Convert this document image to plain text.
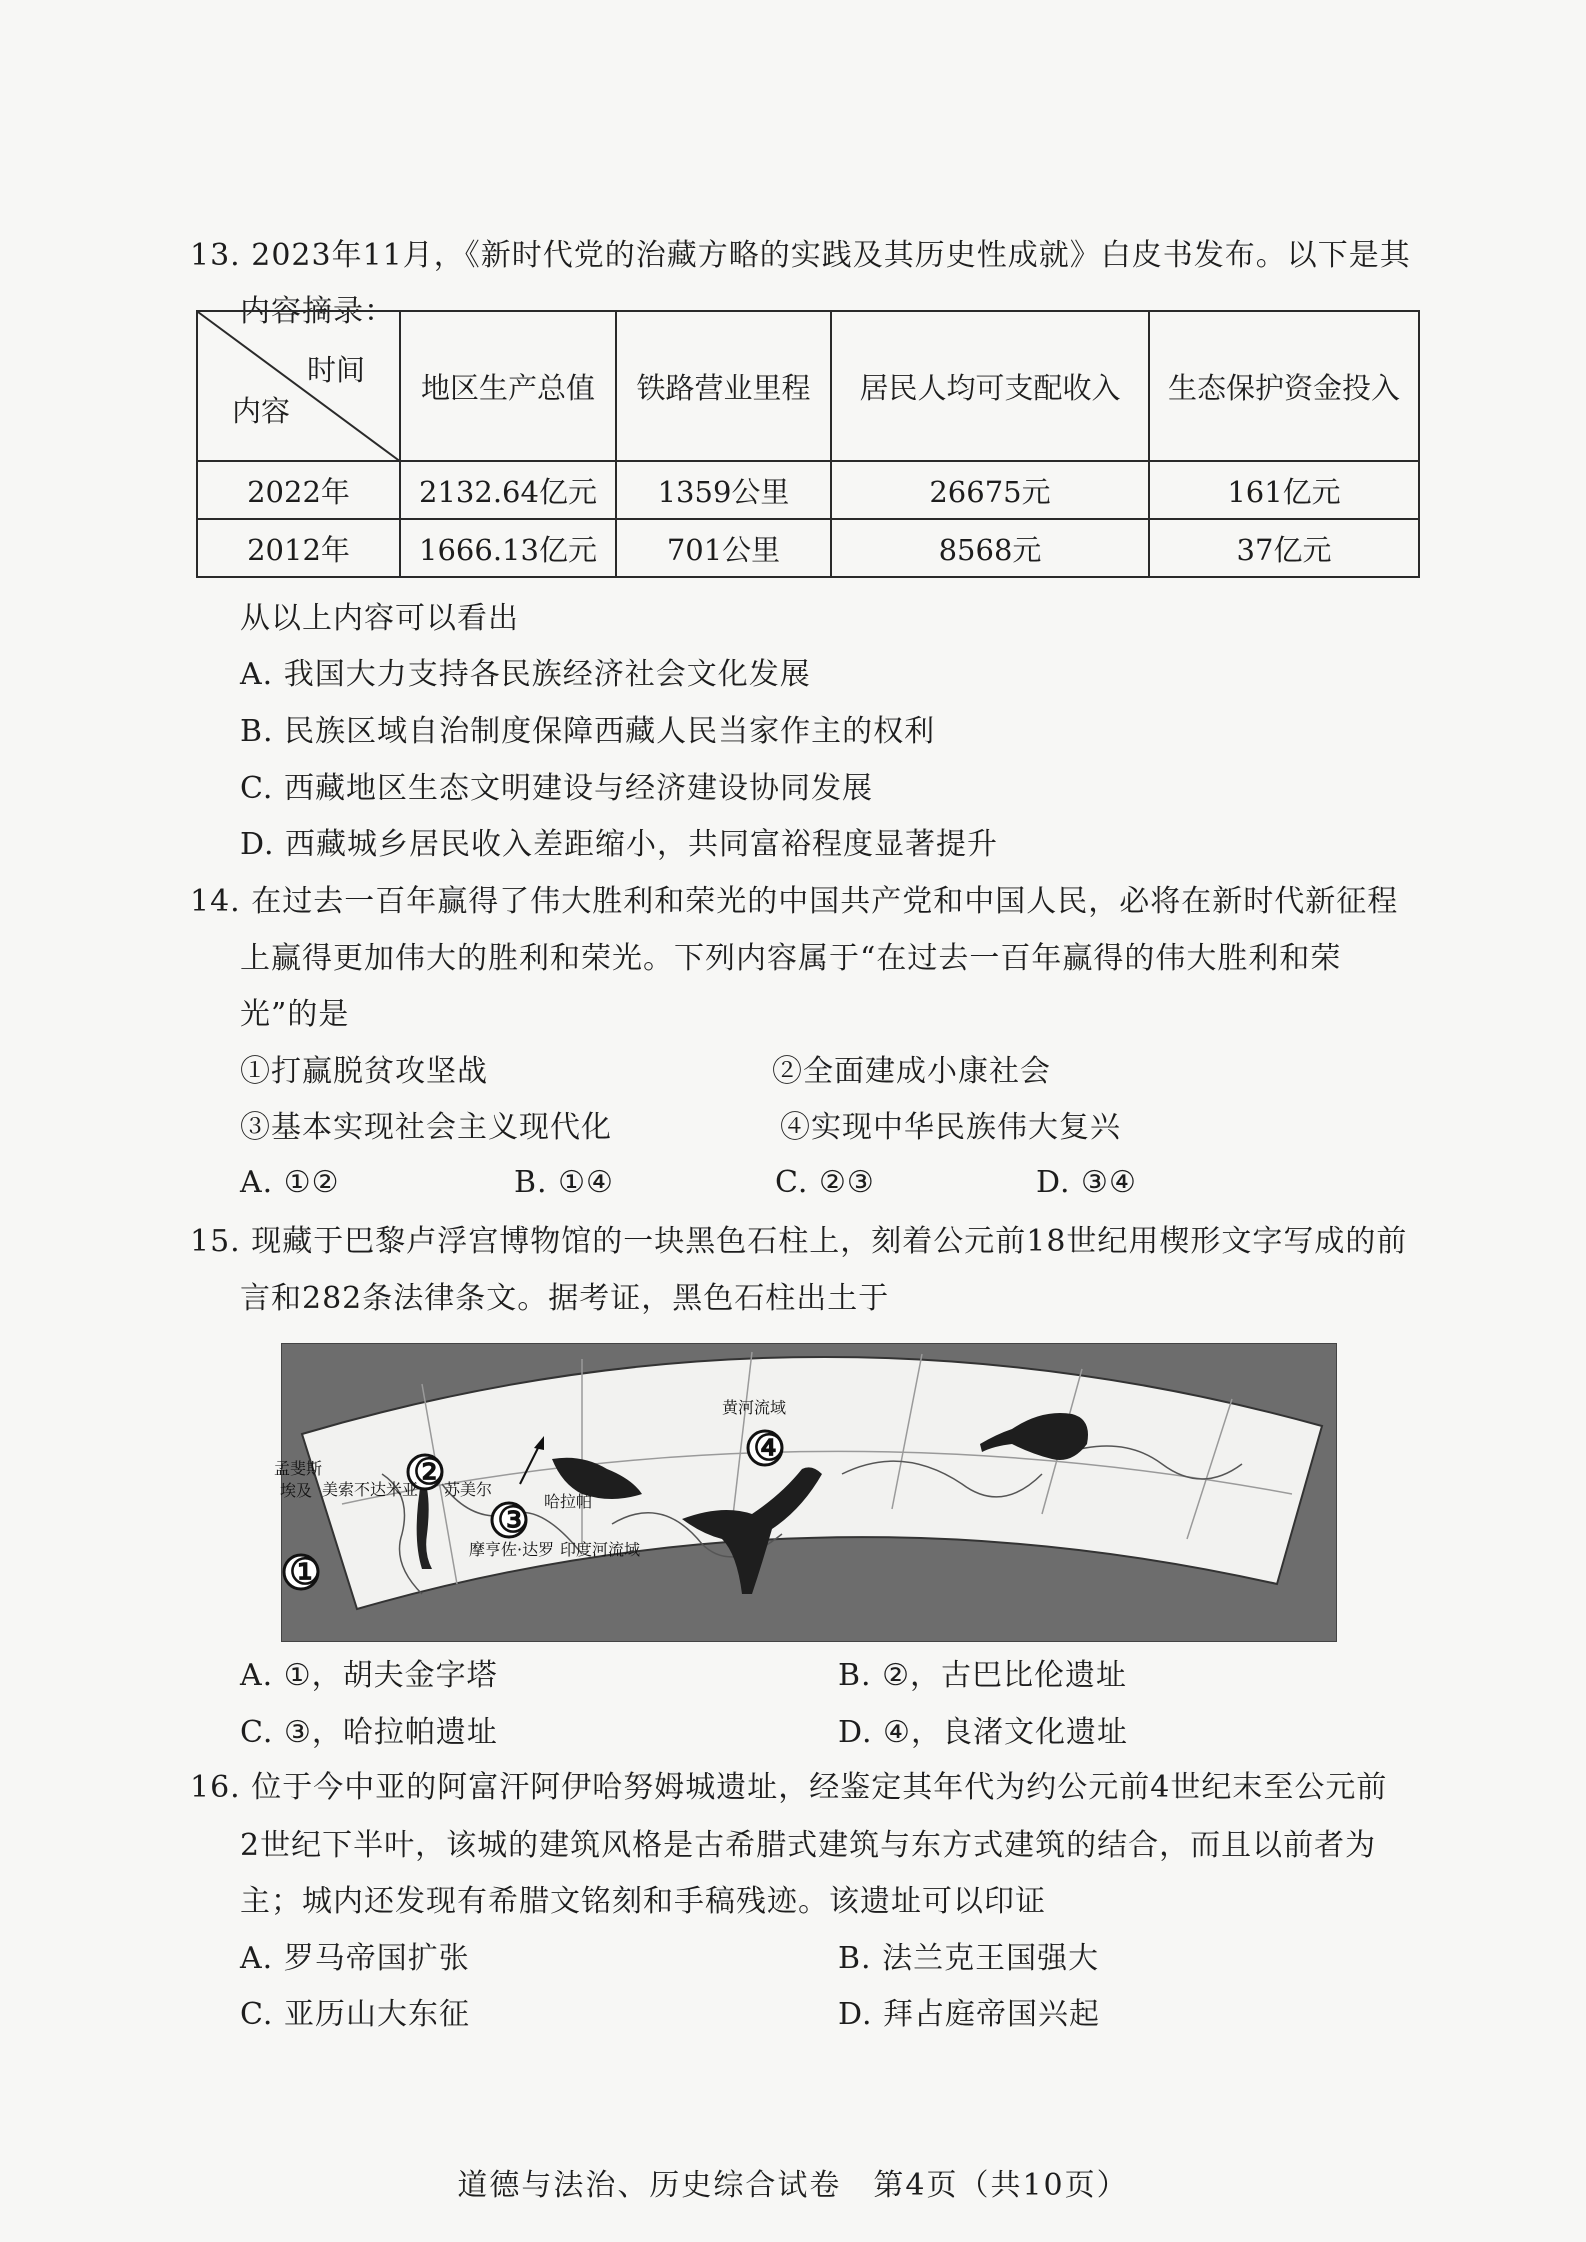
13. 2023年11月，《新时代党的治藏方略的实践及其历史性成就》白皮书发布。以下是其
内容摘录：
时间
内容	地区生产总值	铁路营业里程	居民人均可支配收入	生态保护资金投入
2022年	2132.64亿元	1359公里	26675元	161亿元
2012年	1666.13亿元	701公里	8568元	37亿元
从以上内容可以看出
A. 我国大力支持各民族经济社会文化发展
B. 民族区域自治制度保障西藏人民当家作主的权利
C. 西藏地区生态文明建设与经济建设协同发展
D. 西藏城乡居民收入差距缩小，共同富裕程度显著提升
14. 在过去一百年赢得了伟大胜利和荣光的中国共产党和中国人民，必将在新时代新征程
上赢得更加伟大的胜利和荣光。下列内容属于“在过去一百年赢得的伟大胜利和荣
光”的是
①打赢脱贫攻坚战	②全面建成小康社会
③基本实现社会主义现代化	④实现中华民族伟大复兴
A. ①②	B. ①④	C. ②③	D. ③④
15. 现藏于巴黎卢浮宫博物馆的一块黑色石柱上，刻着公元前18世纪用楔形文字写成的前
言和282条法律条文。据考证，黑色石柱出土于
①
②
③
④
孟斐斯
埃及 美索不达米亚 苏美尔
哈拉帕
摩亨佐·达罗 印度河流域
黄河流域
A. ①，胡夫金字塔	B. ②，古巴比伦遗址
C. ③，哈拉帕遗址	D. ④，良渚文化遗址
16. 位于今中亚的阿富汗阿伊哈努姆城遗址，经鉴定其年代为约公元前4世纪末至公元前
2世纪下半叶，该城的建筑风格是古希腊式建筑与东方式建筑的结合，而且以前者为
主；城内还发现有希腊文铭刻和手稿残迹。该遗址可以印证
A. 罗马帝国扩张	B. 法兰克王国强大
C. 亚历山大东征	D. 拜占庭帝国兴起
道德与法治、历史综合试卷　第4页（共10页）
